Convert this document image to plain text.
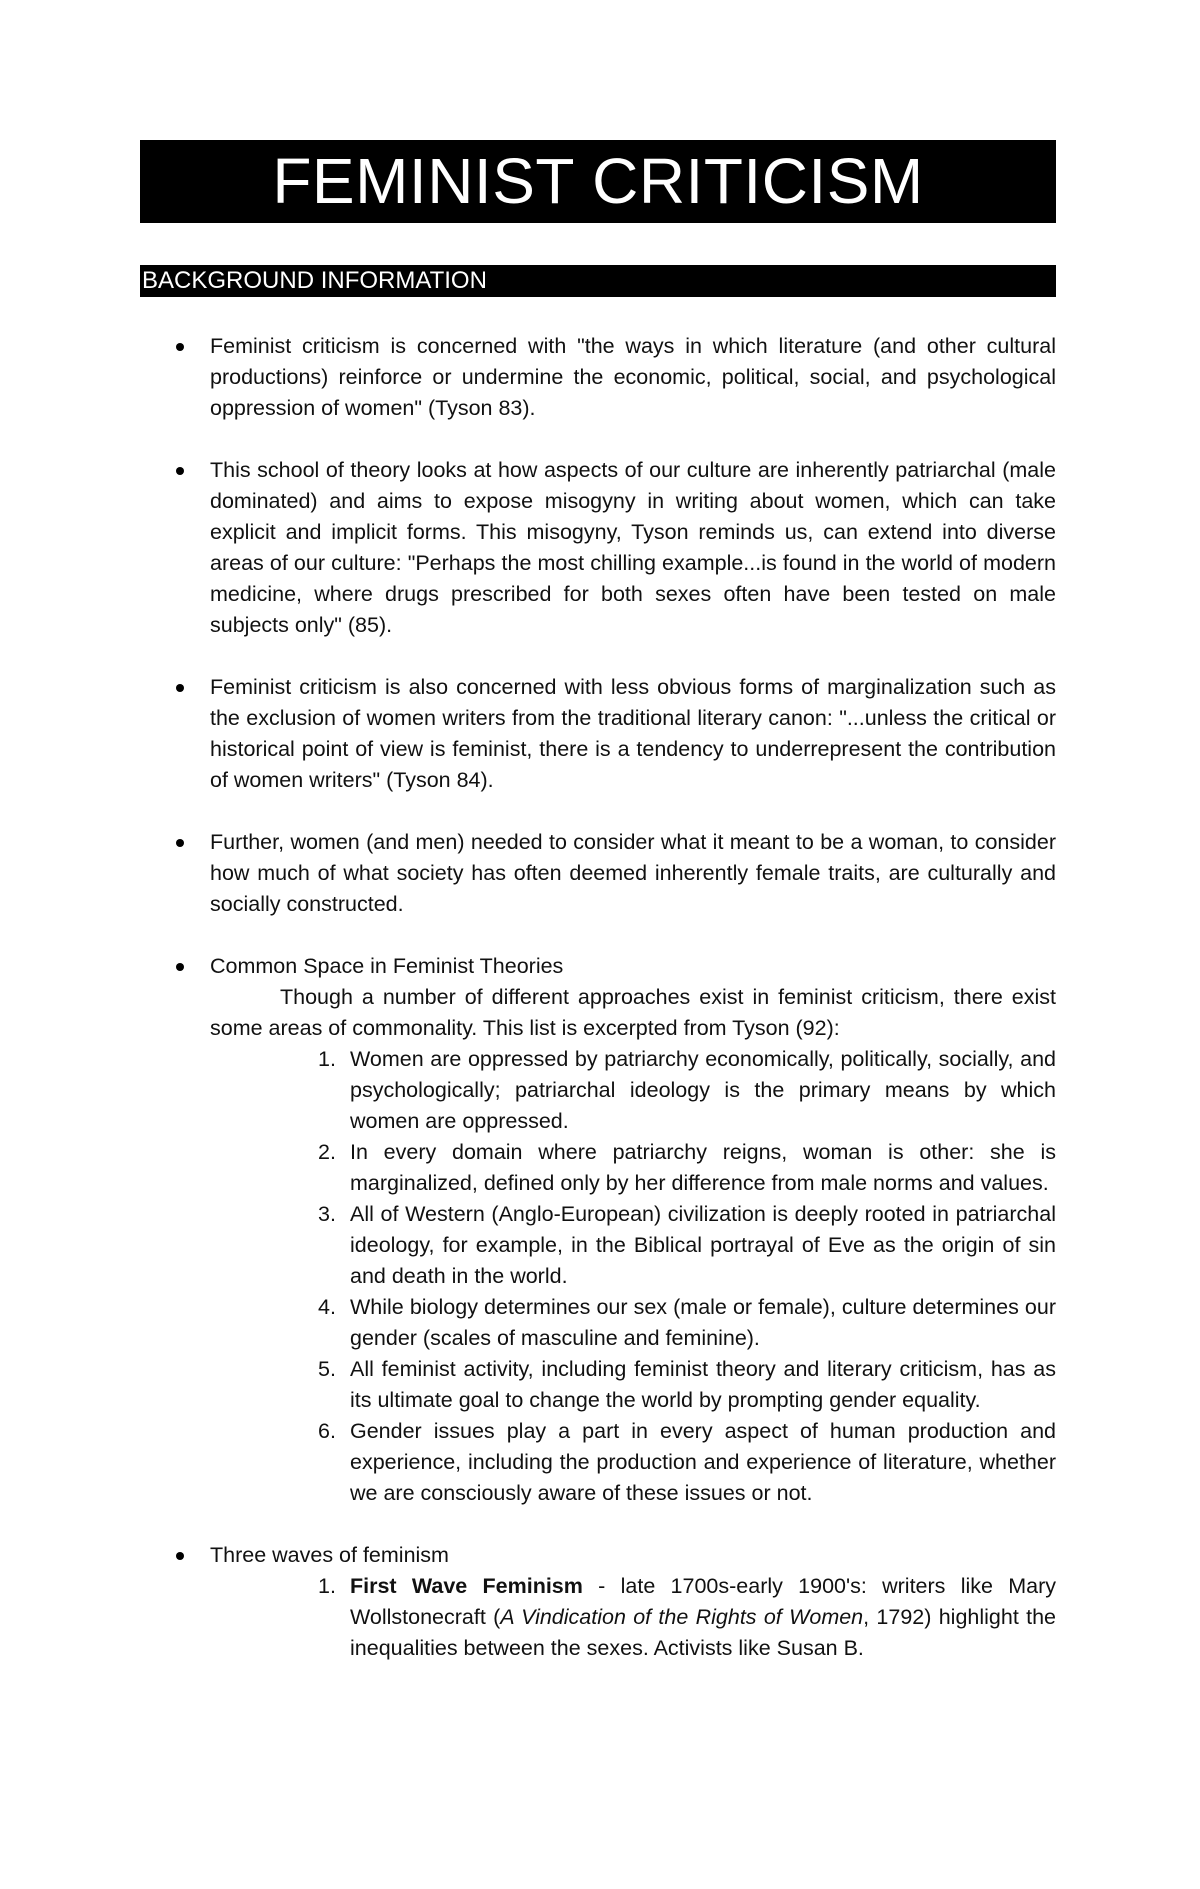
FEMINIST CRITICISM
BACKGROUND INFORMATION
Feminist criticism is concerned with "the ways in which literature (and other cultural productions) reinforce or undermine the economic, political, social, and psychological oppression of women" (Tyson 83).
This school of theory looks at how aspects of our culture are inherently patriarchal (male dominated) and aims to expose misogyny in writing about women, which can take explicit and implicit forms. This misogyny, Tyson reminds us, can extend into diverse areas of our culture: "Perhaps the most chilling example...is found in the world of modern medicine, where drugs prescribed for both sexes often have been tested on male subjects only" (85).
Feminist criticism is also concerned with less obvious forms of marginalization such as the exclusion of women writers from the traditional literary canon: "...unless the critical or historical point of view is feminist, there is a tendency to underrepresent the contribution of women writers" (Tyson 84).
Further, women (and men) needed to consider what it meant to be a woman, to consider how much of what society has often deemed inherently female traits, are culturally and socially constructed.
Common Space in Feminist Theories
Though a number of different approaches exist in feminist criticism, there exist some areas of commonality. This list is excerpted from Tyson (92):
1. Women are oppressed by patriarchy economically, politically, socially, and psychologically; patriarchal ideology is the primary means by which women are oppressed.
2. In every domain where patriarchy reigns, woman is other: she is marginalized, defined only by her difference from male norms and values.
3. All of Western (Anglo-European) civilization is deeply rooted in patriarchal ideology, for example, in the Biblical portrayal of Eve as the origin of sin and death in the world.
4. While biology determines our sex (male or female), culture determines our gender (scales of masculine and feminine).
5. All feminist activity, including feminist theory and literary criticism, has as its ultimate goal to change the world by prompting gender equality.
6. Gender issues play a part in every aspect of human production and experience, including the production and experience of literature, whether we are consciously aware of these issues or not.
Three waves of feminism
1. First Wave Feminism - late 1700s-early 1900's: writers like Mary Wollstonecraft (A Vindication of the Rights of Women, 1792) highlight the inequalities between the sexes. Activists like Susan B.
